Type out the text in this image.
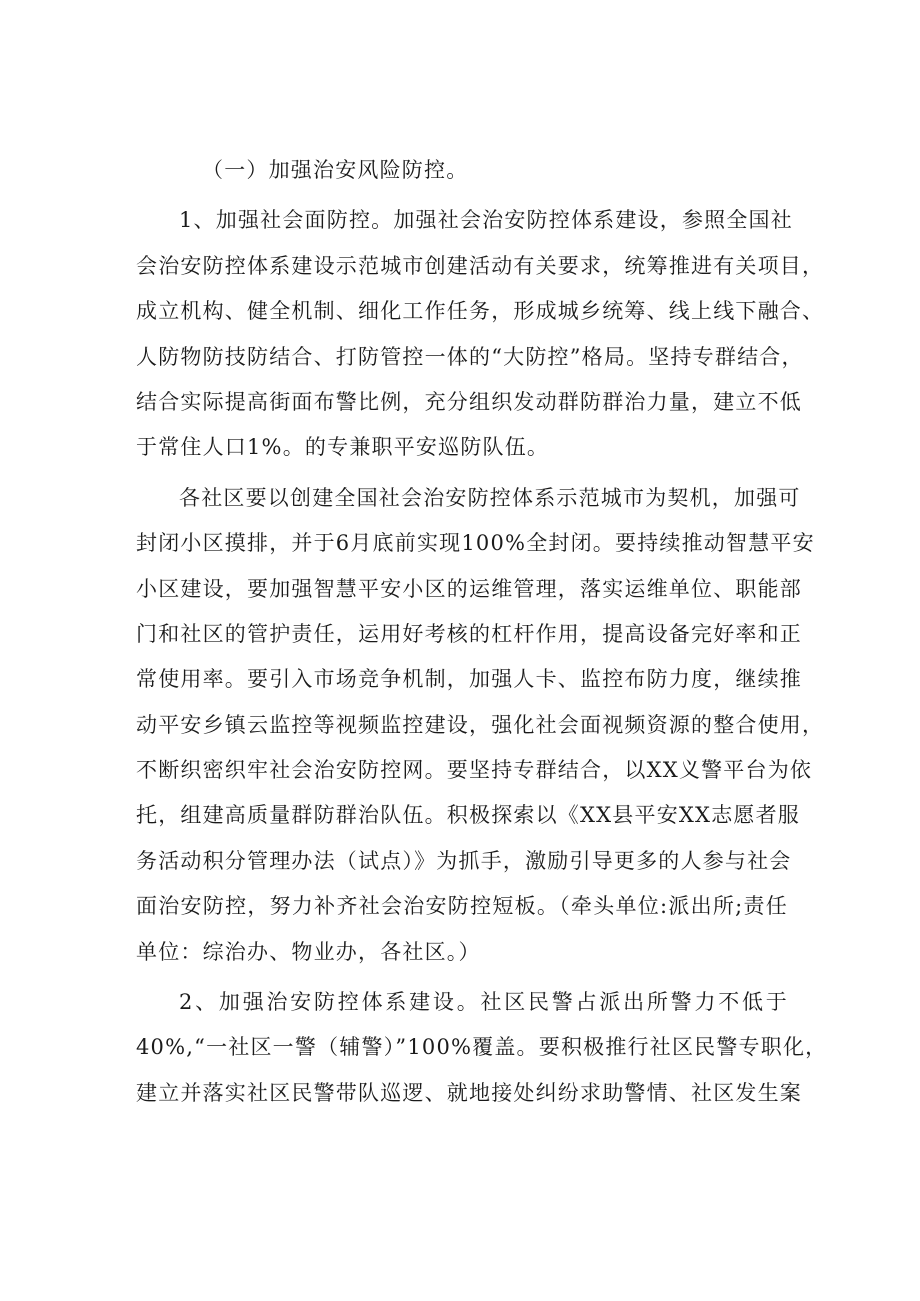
（一）加强治安风险防控。
1、加强社会面防控。加强社会治安防控体系建设，参照全国社
会治安防控体系建设示范城市创建活动有关要求，统筹推进有关项目，
成立机构、健全机制、细化工作任务，形成城乡统筹、线上线下融合、
人防物防技防结合、打防管控一体的“大防控”格局。坚持专群结合，
结合实际提高街面布警比例，充分组织发动群防群治力量，建立不低
于常住人口1%。的专兼职平安巡防队伍。
各社区要以创建全国社会治安防控体系示范城市为契机，加强可
封闭小区摸排，并于6月底前实现100%全封闭。要持续推动智慧平安
小区建设，要加强智慧平安小区的运维管理，落实运维单位、职能部
门和社区的管护责任，运用好考核的杠杆作用，提高设备完好率和正
常使用率。要引入市场竞争机制，加强人卡、监控布防力度，继续推
动平安乡镇云监控等视频监控建设，强化社会面视频资源的整合使用，
不断织密织牢社会治安防控网。要坚持专群结合，以XX义警平台为依
托，组建高质量群防群治队伍。积极探索以《XX县平安XX志愿者服
务活动积分管理办法（试点）》为抓手，激励引导更多的人参与社会
面治安防控，努力补齐社会治安防控短板。（牵头单位:派出所;责任
单位：综治办、物业办，各社区。）
2、加强治安防控体系建设。社区民警占派出所警力不低于
40%,“一社区一警（辅警）”100%覆盖。要积极推行社区民警专职化，
建立并落实社区民警带队巡逻、就地接处纠纷求助警情、社区发生案
